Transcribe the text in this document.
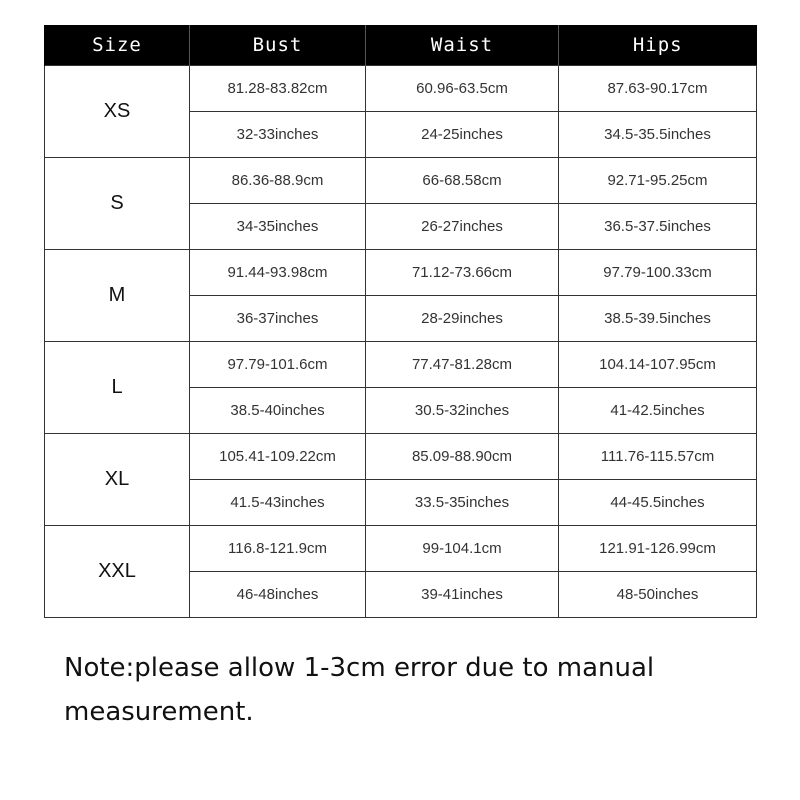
Size	Bust	Waist	Hips
XS	81.28-83.82cm	60.96-63.5cm	87.63-90.17cm
	32-33inches	24-25inches	34.5-35.5inches
S	86.36-88.9cm	66-68.58cm	92.71-95.25cm
	34-35inches	26-27inches	36.5-37.5inches
M	91.44-93.98cm	71.12-73.66cm	97.79-100.33cm
	36-37inches	28-29inches	38.5-39.5inches
L	97.79-101.6cm	77.47-81.28cm	104.14-107.95cm
	38.5-40inches	30.5-32inches	41-42.5inches
XL	105.41-109.22cm	85.09-88.90cm	111.76-115.57cm
	41.5-43inches	33.5-35inches	44-45.5inches
XXL	116.8-121.9cm	99-104.1cm	121.91-126.99cm
	46-48inches	39-41inches	48-50inches

Note:please allow 1-3cm error due to manual measurement.
